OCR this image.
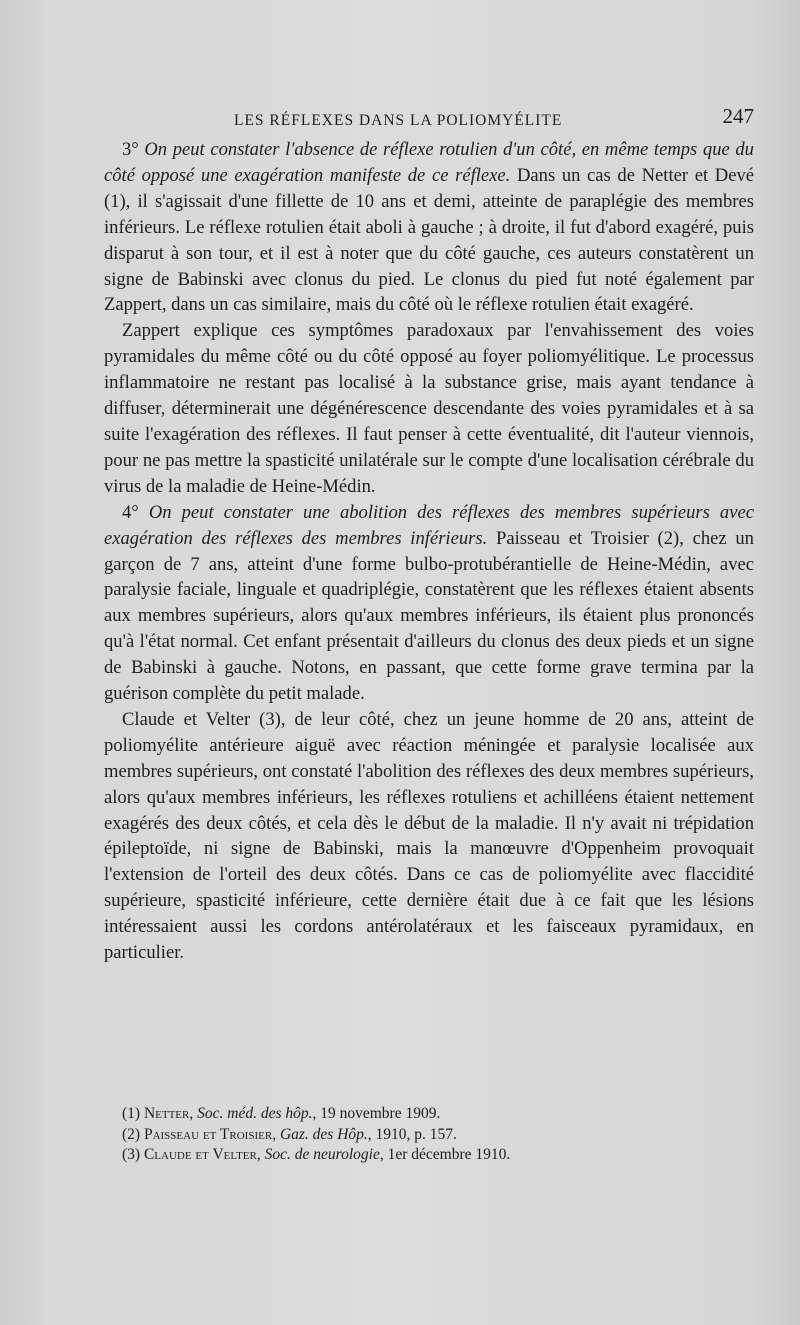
LES RÉFLEXES DANS LA POLIOMYÉLITE	247

3° On peut constater l'absence de réflexe rotulien d'un côté, en même temps que du côté opposé une exagération manifeste de ce réflexe. Dans un cas de Netter et Devé (1), il s'agissait d'une fillette de 10 ans et demi, atteinte de paraplégie des membres inférieurs. Le réflexe rotulien était aboli à gauche ; à droite, il fut d'abord exagéré, puis disparut à son tour, et il est à noter que du côté gauche, ces auteurs constatèrent un signe de Babinski avec clonus du pied. Le clonus du pied fut noté également par Zappert, dans un cas similaire, mais du côté où le réflexe rotulien était exagéré.

Zappert explique ces symptômes paradoxaux par l'envahissement des voies pyramidales du même côté ou du côté opposé au foyer poliomyélitique. Le processus inflammatoire ne restant pas localisé à la substance grise, mais ayant tendance à diffuser, déterminerait une dégénérescence descendante des voies pyramidales et à sa suite l'exagération des réflexes. Il faut penser à cette éventualité, dit l'auteur viennois, pour ne pas mettre la spasticité unilatérale sur le compte d'une localisation cérébrale du virus de la maladie de Heine-Médin.

4° On peut constater une abolition des réflexes des membres supérieurs avec exagération des réflexes des membres inférieurs. Paisseau et Troisier (2), chez un garçon de 7 ans, atteint d'une forme bulbo-protubérantielle de Heine-Médin, avec paralysie faciale, linguale et quadriplégie, constatèrent que les réflexes étaient absents aux membres supérieurs, alors qu'aux membres inférieurs, ils étaient plus prononcés qu'à l'état normal. Cet enfant présentait d'ailleurs du clonus des deux pieds et un signe de Babinski à gauche. Notons, en passant, que cette forme grave termina par la guérison complète du petit malade.

Claude et Velter (3), de leur côté, chez un jeune homme de 20 ans, atteint de poliomyélite antérieure aiguë avec réaction méningée et paralysie localisée aux membres supérieurs, ont constaté l'abolition des réflexes des deux membres supérieurs, alors qu'aux membres inférieurs, les réflexes rotuliens et achilléens étaient nettement exagérés des deux côtés, et cela dès le début de la maladie. Il n'y avait ni trépidation épileptoïde, ni signe de Babinski, mais la manœuvre d'Oppenheim provoquait l'extension de l'orteil des deux côtés. Dans ce cas de poliomyélite avec flaccidité supérieure, spasticité inférieure, cette dernière était due à ce fait que les lésions intéressaient aussi les cordons antérolatéraux et les faisceaux pyramidaux, en particulier.

(1) Netter, Soc. méd. des hôp., 19 novembre 1909.
(2) Paisseau et Troisier, Gaz. des Hôp., 1910, p. 157.
(3) Claude et Velter, Soc. de neurologie, 1er décembre 1910.
